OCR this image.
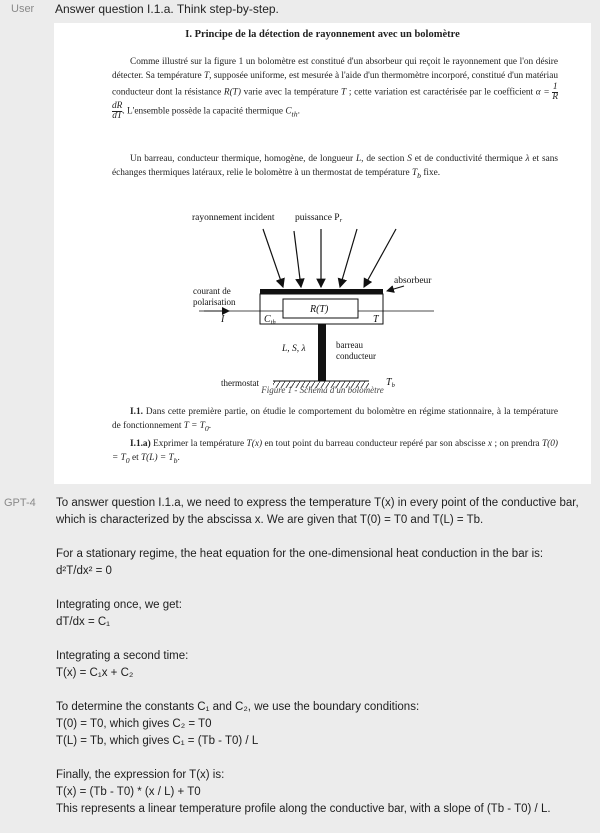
User Answer question I.1.a. Think step-by-step.
I. Principe de la détection de rayonnement avec un bolomètre
Comme illustré sur la figure 1 un bolomètre est constitué d'un absorbeur qui reçoit le rayonnement que l'on désire détecter. Sa température T, supposée uniforme, est mesurée à l'aide d'un thermomètre incorporé, constitué d'un matériau conducteur dont la résistance R(T) varie avec la température T ; cette variation est caractérisée par le coefficient $\alpha = \frac{1}{R}$
$\frac{dR}{dT}$ . L'ensemble possède la capacité thermique $C_{th}$.
Un barreau, conducteur thermique, homogène, de longueur L, de section S et de conductivité thermique λ et sans échanges thermiques latéraux, relie le bolomètre à un thermostat de température $T_b$ fixe.
rayonnement incident puissance $P_r$
absorbeur
R(T)
courant de
polarisation
I	$C_{th}$	T
L, S, λ	barreau
conducteur
thermostat	$T_b$
Figure 1 - Schéma d'un bolomètre
I.1. Dans cette première partie, on étudie le comportement du bolomètre en régime stationnaire, à la température de fonctionnement $T = T_0$.
I.1.a) Exprimer la température T(x) en tout point du barreau conducteur repéré par son abscisse x ; on prendra $T(0) = T_0$ et $T(L) = T_b$.
GPT-4 To answer question I.1.a, we need to express the temperature T(x) in every point of the conductive bar, which is characterized by the abscissa x. We are given that T(0) = T0 and T(L) = Tb.

For a stationary regime, the heat equation for the one-dimensional heat conduction in the bar is:

d²T/dx² = 0

Integrating once, we get:

dT/dx = C₁

Integrating a second time:

T(x) = C₁x + C₂

To determine the constants C₁ and C₂, we use the boundary conditions:

T(0) = T0, which gives C₂ = T0

T(L) = Tb, which gives C₁ = (Tb - T0) / L

Finally, the expression for T(x) is:

T(x) = (Tb - T0) * (x / L) + T0

This represents a linear temperature profile along the conductive bar, with a slope of (Tb - T0) / L.
